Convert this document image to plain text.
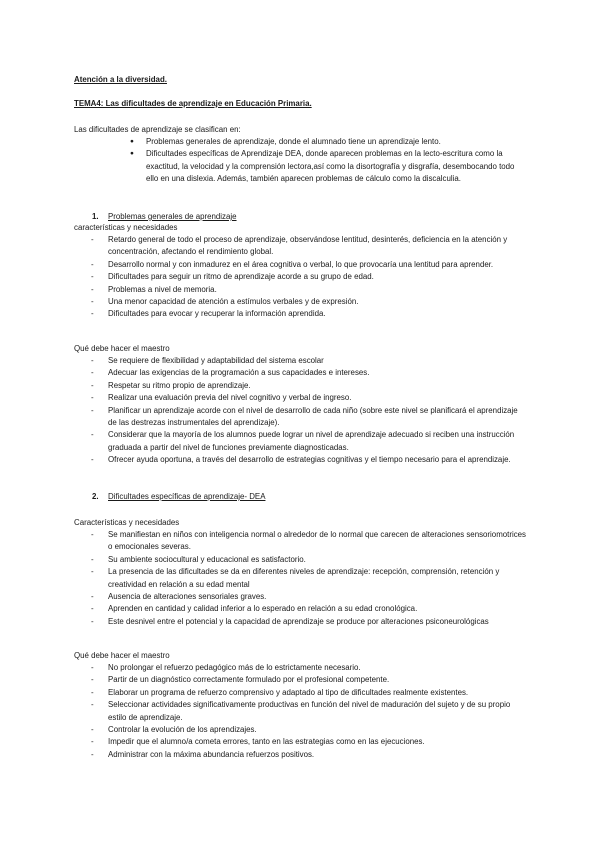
Atención a la diversidad.

TEMA4: Las dificultades de aprendizaje en Educación Primaria.

Las dificultades de aprendizaje se clasifican en:

● Problemas generales de aprendizaje, donde el alumnado tiene un aprendizaje lento.
● Dificultades específicas de Aprendizaje DEA, donde aparecen problemas en la lecto-escritura como la exactitud, la velocidad y la comprensión lectora,así como la disortografía y disgrafía, desembocando todo ello en una dislexia. Además, también aparecen problemas de cálculo como la discalculia.

1. Problemas generales de aprendizaje

características y necesidades

- Retardo general de todo el proceso de aprendizaje, observándose lentitud, desinterés, deficiencia en la atención y concentración, afectando el rendimiento global.
- Desarrollo normal y con inmadurez en el área cognitiva o verbal, lo que provocaría una lentitud para aprender.
- Dificultades para seguir un ritmo de aprendizaje acorde a su grupo de edad.
- Problemas a nivel de memoria.
- Una menor capacidad de atención a estímulos verbales y de expresión.
- Dificultades para evocar y recuperar la información aprendida.

Qué debe hacer el maestro

- Se requiere de flexibilidad y adaptabilidad del sistema escolar
- Adecuar las exigencias de la programación a sus capacidades e intereses.
- Respetar su ritmo propio de aprendizaje.
- Realizar una evaluación previa del nivel cognitivo y verbal de ingreso.
- Planificar un aprendizaje acorde con el nivel de desarrollo de cada niño (sobre este nivel se planificará el aprendizaje de las destrezas instrumentales del aprendizaje).
- Considerar que la mayoría de los alumnos puede lograr un nivel de aprendizaje adecuado si reciben una instrucción graduada a partir del nivel de funciones previamente diagnosticadas.
- Ofrecer ayuda oportuna, a través del desarrollo de estrategias cognitivas y el tiempo necesario para el aprendizaje.

2. Dificultades específicas de aprendizaje- DEA

Características y necesidades

- Se manifiestan en niños con inteligencia normal o alrededor de lo normal que carecen de alteraciones sensoriomotrices o emocionales severas.
- Su ambiente sociocultural y educacional es satisfactorio.
- La presencia de las dificultades se da en diferentes niveles de aprendizaje: recepción, comprensión, retención y creatividad en relación a su edad mental
- Ausencia de alteraciones sensoriales graves.
- Aprenden en cantidad y calidad inferior a lo esperado en relación a su edad cronológica.
- Este desnivel entre el potencial y la capacidad de aprendizaje se produce por alteraciones psiconeurológicas

Qué debe hacer el maestro

- No prolongar el refuerzo pedagógico más de lo estrictamente necesario.
- Partir de un diagnóstico correctamente formulado por el profesional competente.
- Elaborar un programa de refuerzo comprensivo y adaptado al tipo de dificultades realmente existentes.
- Seleccionar actividades significativamente productivas en función del nivel de maduración del sujeto y de su propio estilo de aprendizaje.
- Controlar la evolución de los aprendizajes.
- Impedir que el alumno/a cometa errores, tanto en las estrategias como en las ejecuciones.
- Administrar con la máxima abundancia refuerzos positivos.
